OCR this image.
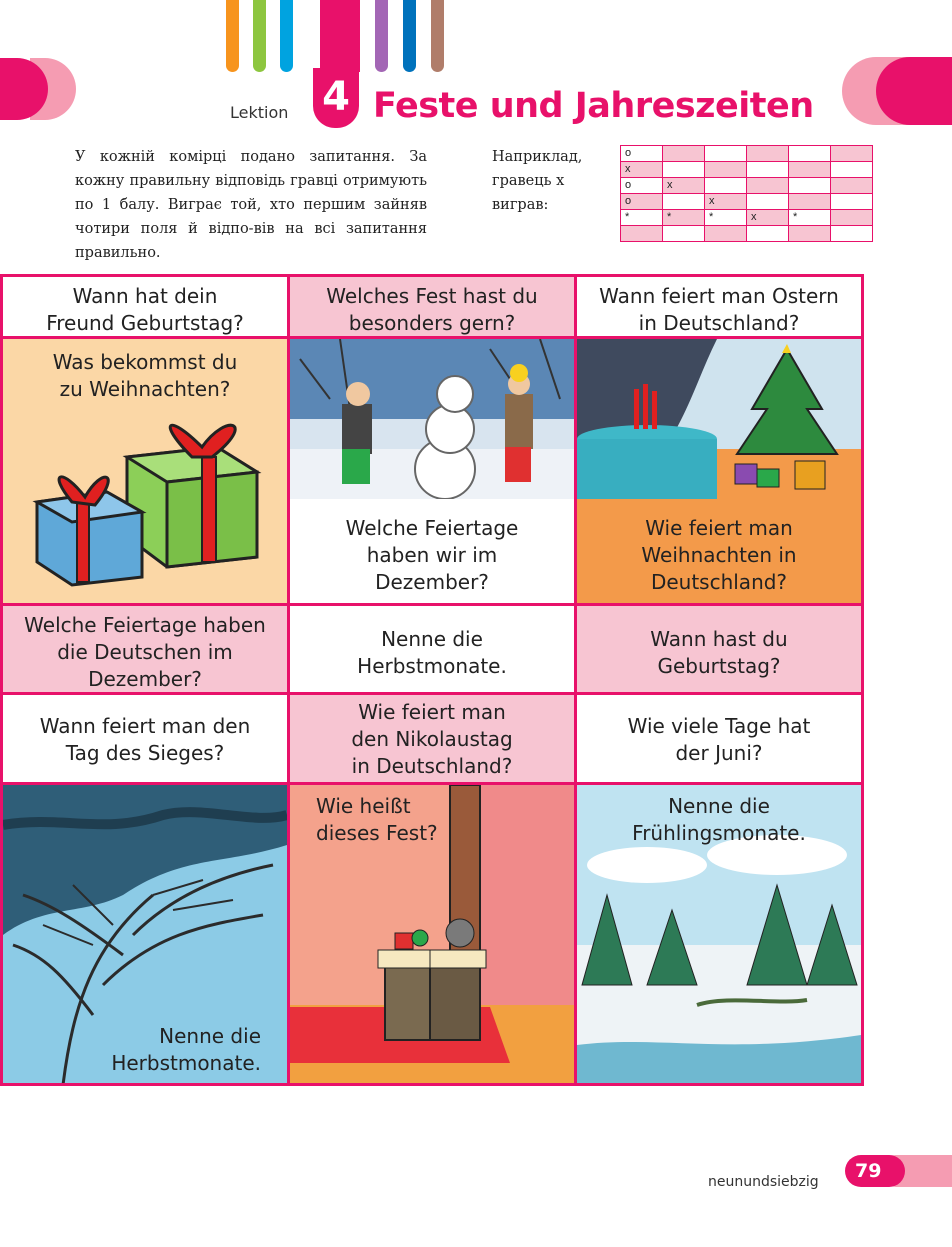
Lektion 4 Feste und Jahreszeiten
У кожній комірці подано запитання. За кожну правильну відповідь гравці отримують по 1 балу. Виграє той, хто першим зайняв чотири поля й відпо-вів на всі запитання правильно.
Наприклад, гравець x виграв:
o					
x					
o	x				
o		x			
*	*	*	x	*	

Wann hat dein Freund Geburtstag?
Welches Fest hast du besonders gern?
Wann feiert man Ostern in Deutschland?
Was bekommst du zu Weihnachten?
Welche Feiertage haben wir im Dezember?
Wie feiert man Weihnachten in Deutschland?
Welche Feiertage haben die Deutschen im Dezember?
Nenne die Herbstmonate.
Wann hast du Geburtstag?
Wann feiert man den Tag des Sieges?
Wie feiert man den Nikolaustag in Deutschland?
Wie viele Tage hat der Juni?
Nenne die Herbstmonate.
Wie heißt dieses Fest?
Nenne die Frühlingsmonate.
neunundsiebzig	79
